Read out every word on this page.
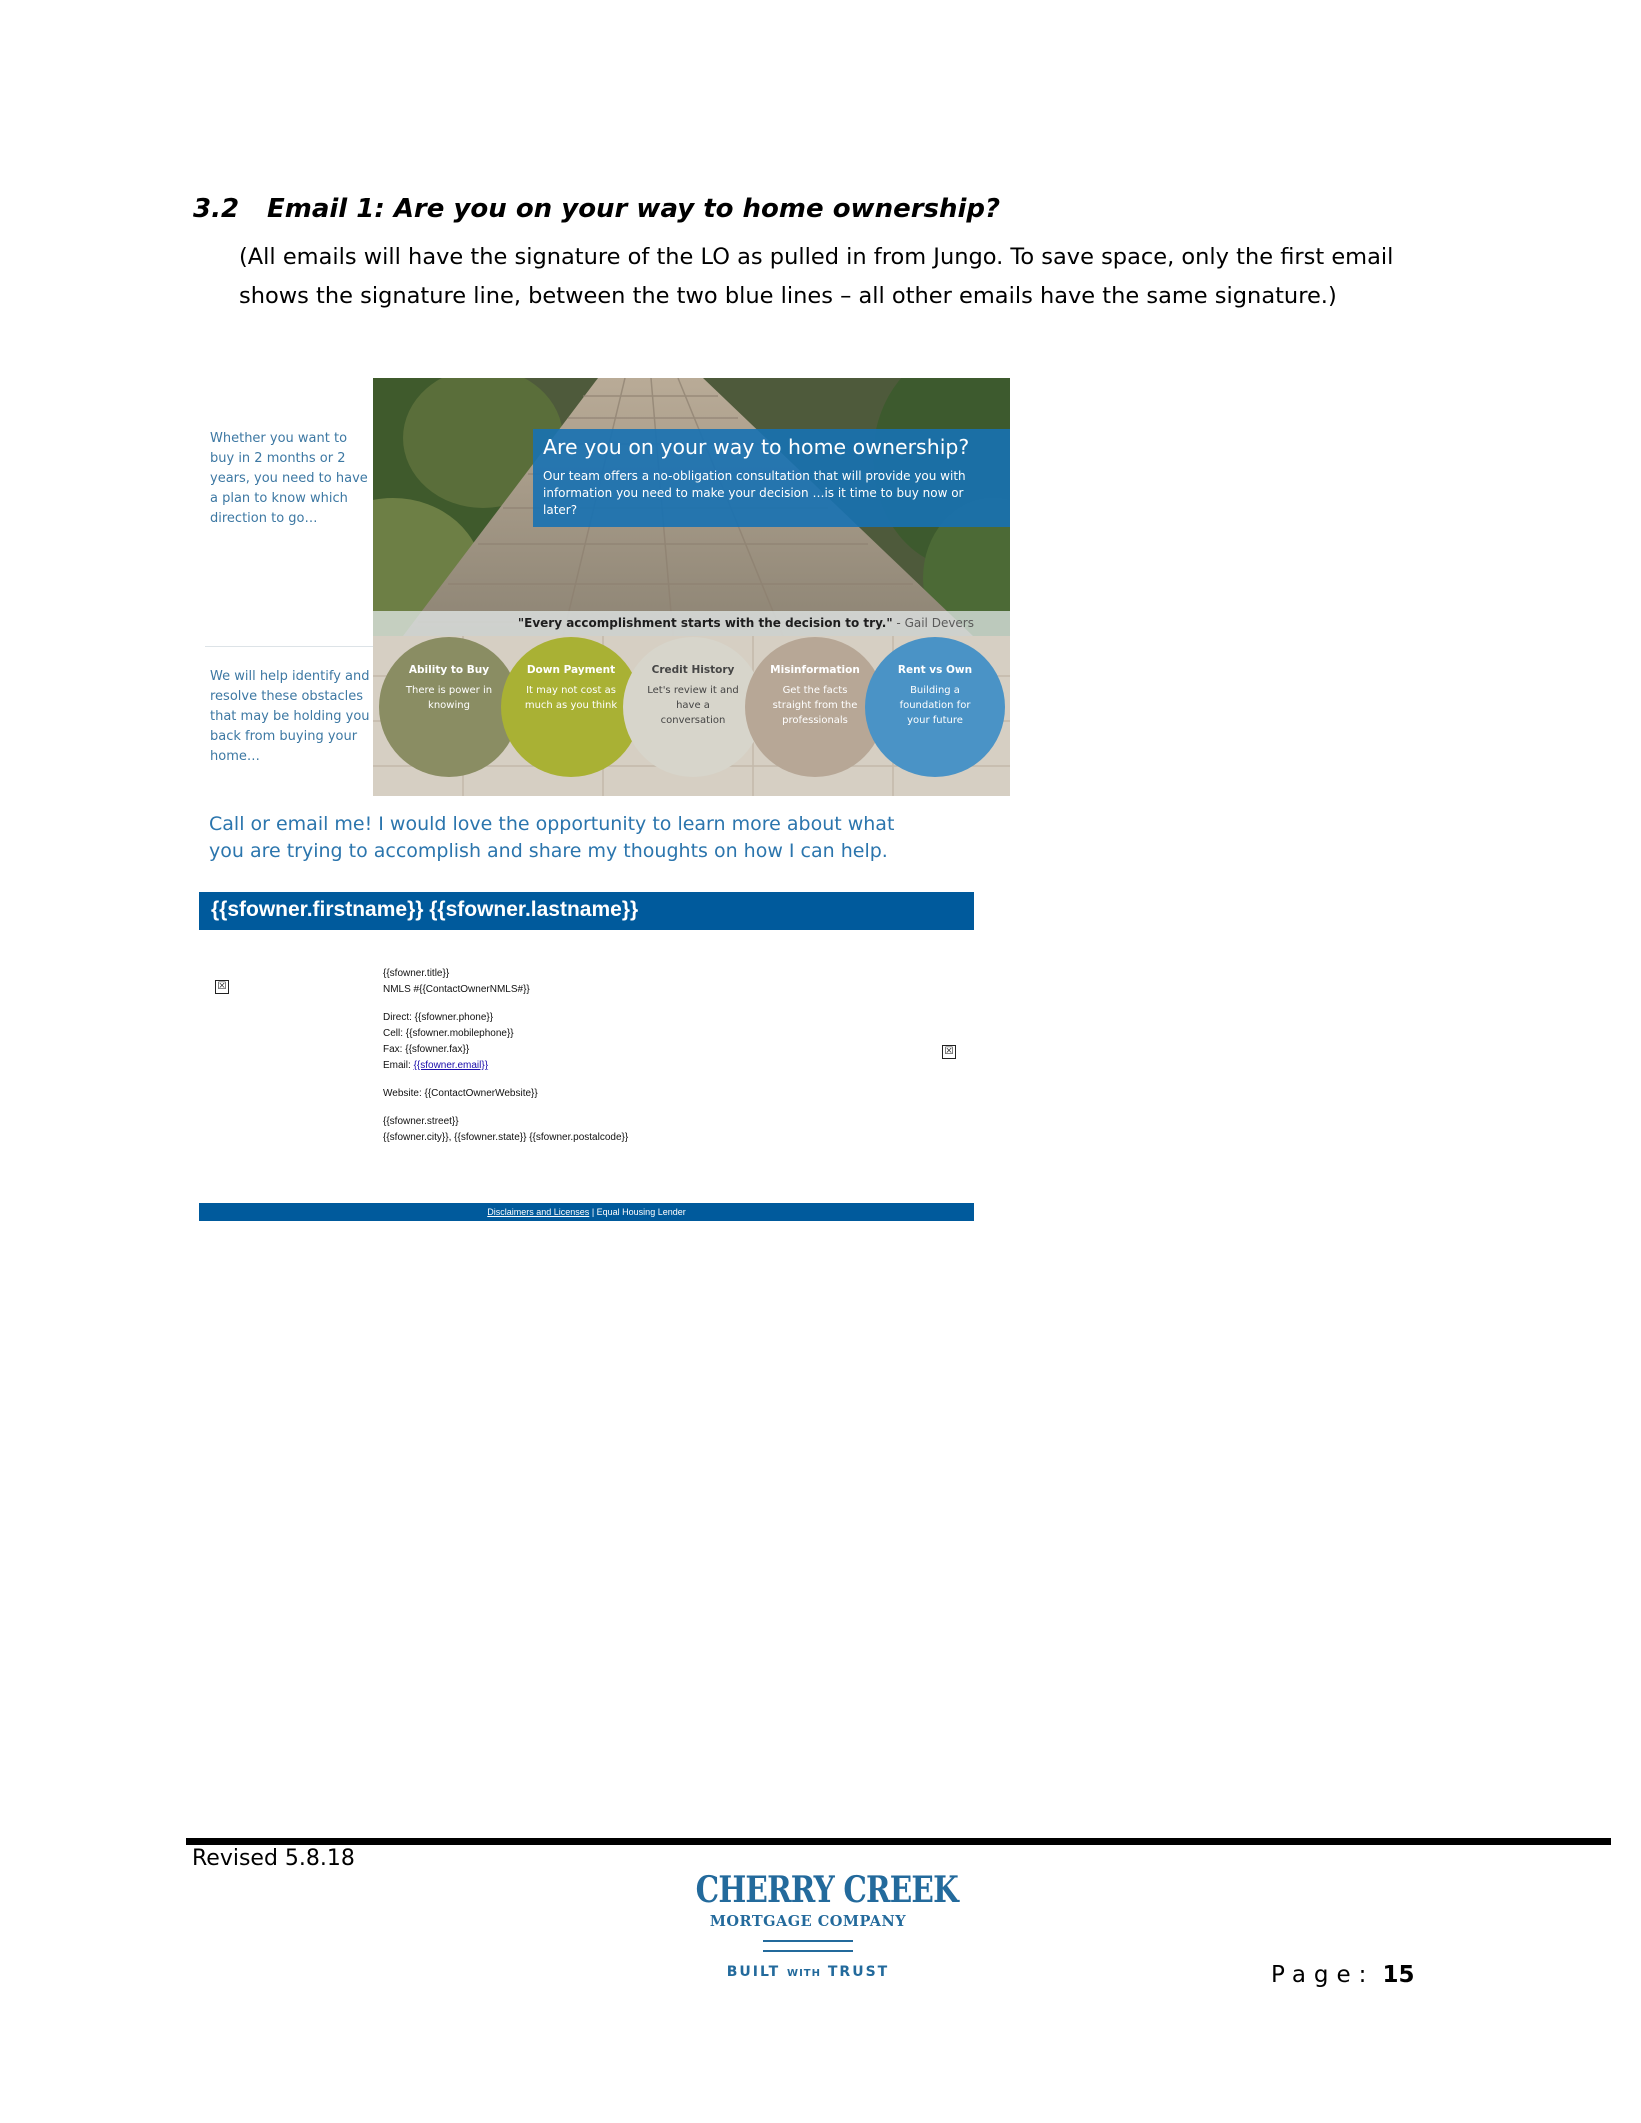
3.2 Email 1: Are you on your way to home ownership?

(All emails will have the signature of the LO as pulled in from Jungo. To save space, only the first email shows the signature line, between the two blue lines – all other emails have the same signature.)

Whether you want to buy in 2 months or 2 years, you need to have a plan to know which direction to go…

We will help identify and resolve these obstacles that may be holding you back from buying your home…

Are you on your way to home ownership?

Our team offers a no-obligation consultation that will provide you with information you need to make your decision …is it time to buy now or later?

"Every accomplishment starts with the decision to try." - Gail Devers
Ability to Buy
There is power in knowing
Down Payment
It may not cost as much as you think
Credit History
Let's review it and have a conversation
Misinformation
Get the facts straight from the professionals
Rent vs Own
Building a foundation for your future

Call or email me! I would love the opportunity to learn more about what you are trying to accomplish and share my thoughts on how I can help.

{{sfowner.firstname}} {{sfowner.lastname}}
☒
☒
{{sfowner.title}}
NMLS #{{ContactOwnerNMLS#}}
Direct: {{sfowner.phone}}
Cell: {{sfowner.mobilephone}}
Fax: {{sfowner.fax}}
Email: {{sfowner.email}}
Website: {{ContactOwnerWebsite}}
{{sfowner.street}}
{{sfowner.city}}, {{sfowner.state}} {{sfowner.postalcode}}
Disclaimers and Licenses | Equal Housing Lender
Revised 5.8.18
CHERRY CREEK
MORTGAGE COMPANY
BUILT WITH TRUST	Page: 15
